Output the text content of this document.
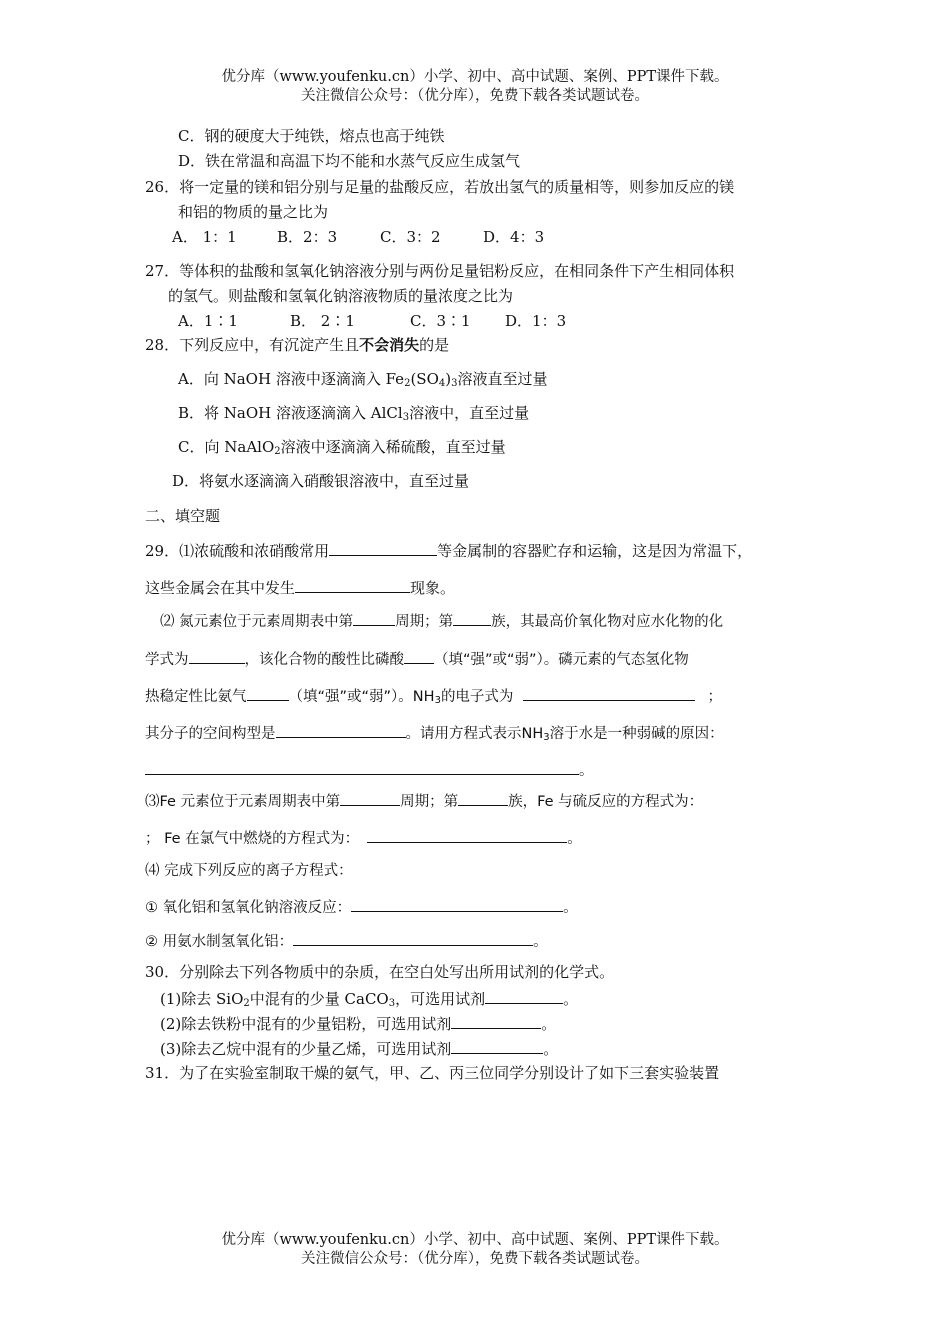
优分库（www.youfenku.cn）小学、初中、高中试题、案例、PPT课件下载。
关注微信公众号：（优分库），免费下载各类试题试卷。
C．钢的硬度大于纯铁，熔点也高于纯铁
D．铁在常温和高温下均不能和水蒸气反应生成氢气
26．将一定量的镁和铝分别与足量的盐酸反应，若放出氢气的质量相等，则参加反应的镁
和铝的物质的量之比为
A． 1：1	B．2：3	C．3：2	D．4：3
27．等体积的盐酸和氢氧化钠溶液分别与两份足量铝粉反应，在相同条件下产生相同体积
的氢气。则盐酸和氢氧化钠溶液物质的量浓度之比为
A．1∶1	B． 2∶1	C．3∶1 D．1：3
28．下列反应中，有沉淀产生且不会消失的是
A．向 NaOH 溶液中逐滴滴入 $Fe_2(SO_4)_3$溶液直至过量
B．将 NaOH 溶液逐滴滴入 AlCl$_3$溶液中，直至过量
C．向 NaAlO$_2$溶液中逐滴滴入稀硫酸，直至过量
D．将氨水逐滴滴入硝酸银溶液中，直至过量
二、填空题
29．⑴浓硫酸和浓硝酸常用	等金属制的容器贮存和运输，这是因为常温下，
这些金属会在其中发生	现象。
⑵ 氮元素位于元素周期表中第	周期；第	族，其最高价氧化物对应水化物的化
学式为	，该化合物的酸性比磷酸 （填“强”或“弱”）。磷元素的气态氢化物
热稳定性比氨气	（填“强”或“弱”）。$NH_3$的电子式为	；
其分子的空间构型是	。请用方程式表示$NH_3$溶于水是一种弱碱的原因：
。
⑶Fe 元素位于元素周期表中第	周期；第	族，Fe 与硫反应的方程式为：
； Fe 在氯气中燃烧的方程式为：	。
⑷ 完成下列反应的离子方程式：
① 氧化铝和氢氧化钠溶液反应：	。
② 用氨水制氢氧化铝：	。
30．分别除去下列各物质中的杂质，在空白处写出所用试剂的化学式。
(1)除去 SiO$_2$中混有的少量 CaCO$_3$，可选用试剂	。
(2)除去铁粉中混有的少量铝粉，可选用试剂	。
(3)除去乙烷中混有的少量乙烯，可选用试剂	。
31．为了在实验室制取干燥的氨气，甲、乙、丙三位同学分别设计了如下三套实验装置
优分库（www.youfenku.cn）小学、初中、高中试题、案例、PPT课件下载。
关注微信公众号：（优分库），免费下载各类试题试卷。
